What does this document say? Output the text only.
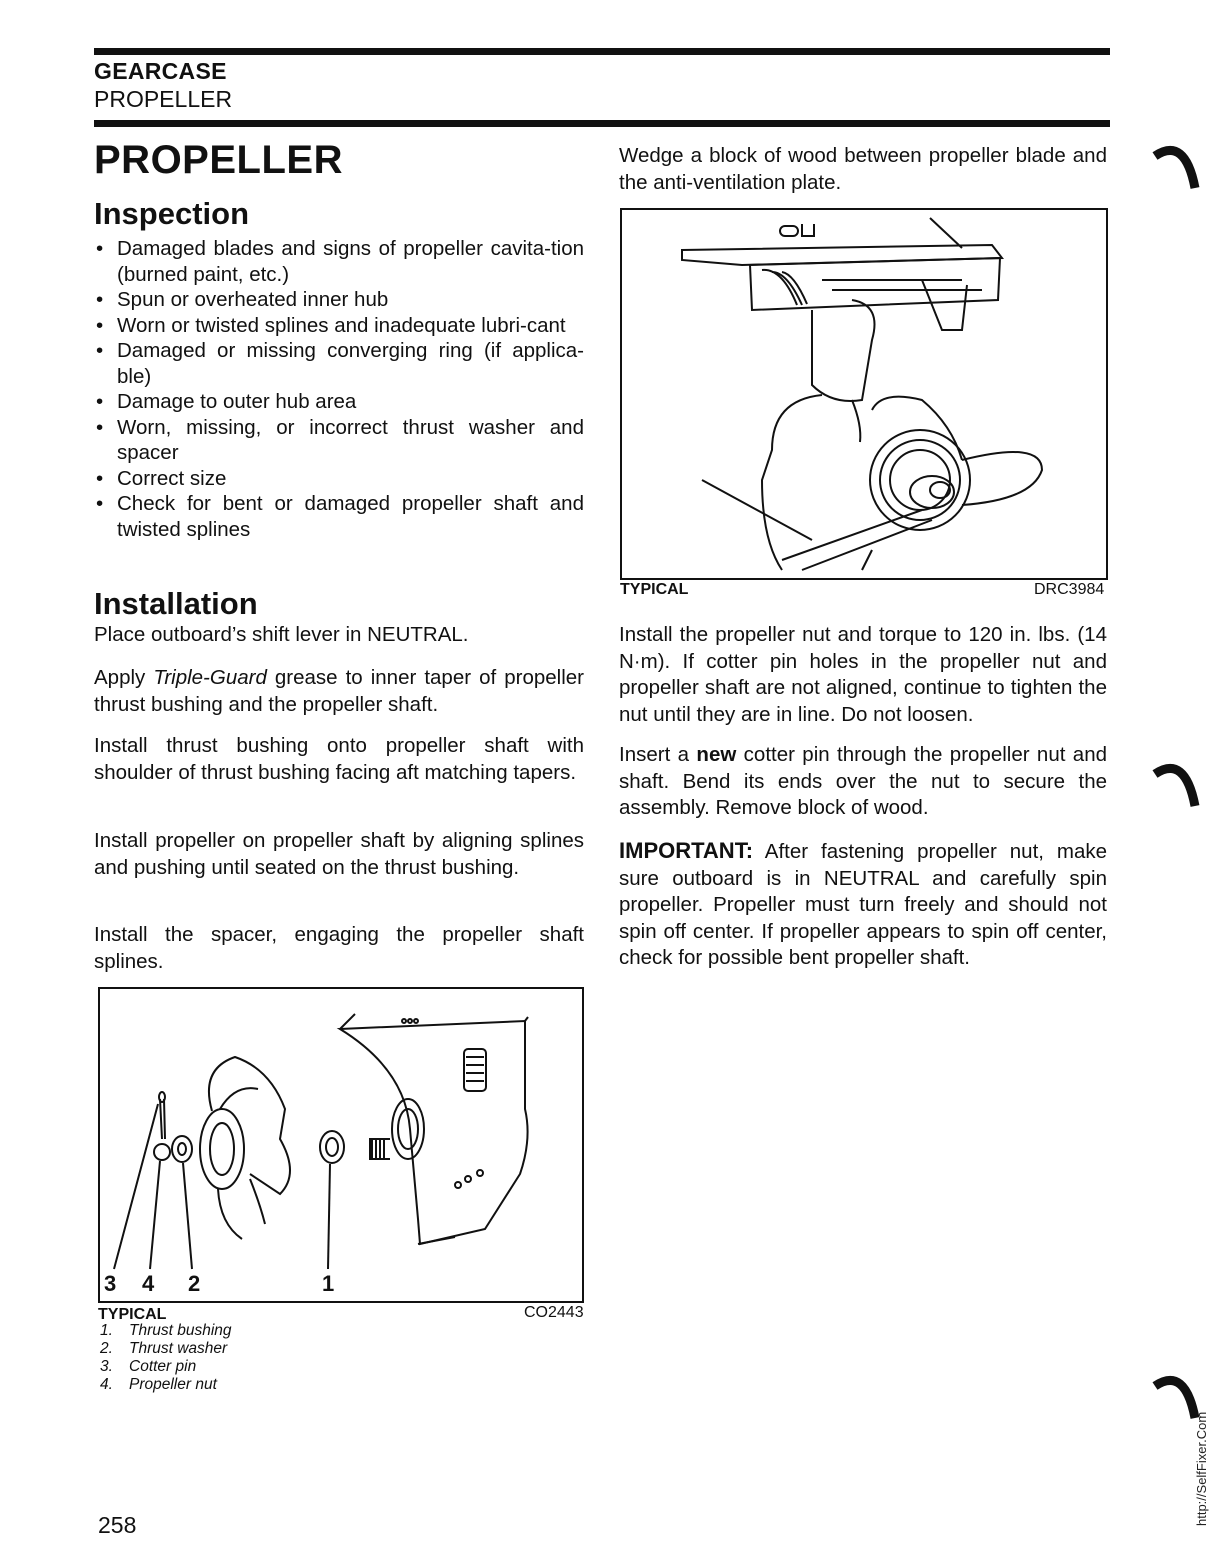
GEARCASE
PROPELLER
PROPELLER
Inspection
• Damaged blades and signs of propeller cavita-tion (burned paint, etc.)
• Spun or overheated inner hub
• Worn or twisted splines and inadequate lubri-cant
• Damaged or missing converging ring (if applica-ble)
• Damage to outer hub area
• Worn, missing, or incorrect thrust washer and spacer
• Correct size
• Check for bent or damaged propeller shaft and twisted splines
Installation
Place outboard’s shift lever in NEUTRAL.
Apply Triple-Guard grease to inner taper of propeller thrust bushing and the propeller shaft.
Install thrust bushing onto propeller shaft with shoulder of thrust bushing facing aft matching tapers.
Install propeller on propeller shaft by aligning splines and pushing until seated on the thrust bushing.
Install the spacer, engaging the propeller shaft splines.
3 4 2	1
TYPICAL	CO2443
1. Thrust bushing
2. Thrust washer
3. Cotter pin
4. Propeller nut
Wedge a block of wood between propeller blade and the anti-ventilation plate.
TYPICAL	DRC3984
Install the propeller nut and torque to 120 in. lbs. (14 N·m). If cotter pin holes in the propeller nut and propeller shaft are not aligned, continue to tighten the nut until they are in line. Do not loosen.
Insert a new cotter pin through the propeller nut and shaft. Bend its ends over the nut to secure the assembly. Remove block of wood.
IMPORTANT: After fastening propeller nut, make sure outboard is in NEUTRAL and carefully spin propeller. Propeller must turn freely and should not spin off center. If propeller appears to spin off center, check for possible bent propeller shaft.
258	http://SelfFixer.Com
